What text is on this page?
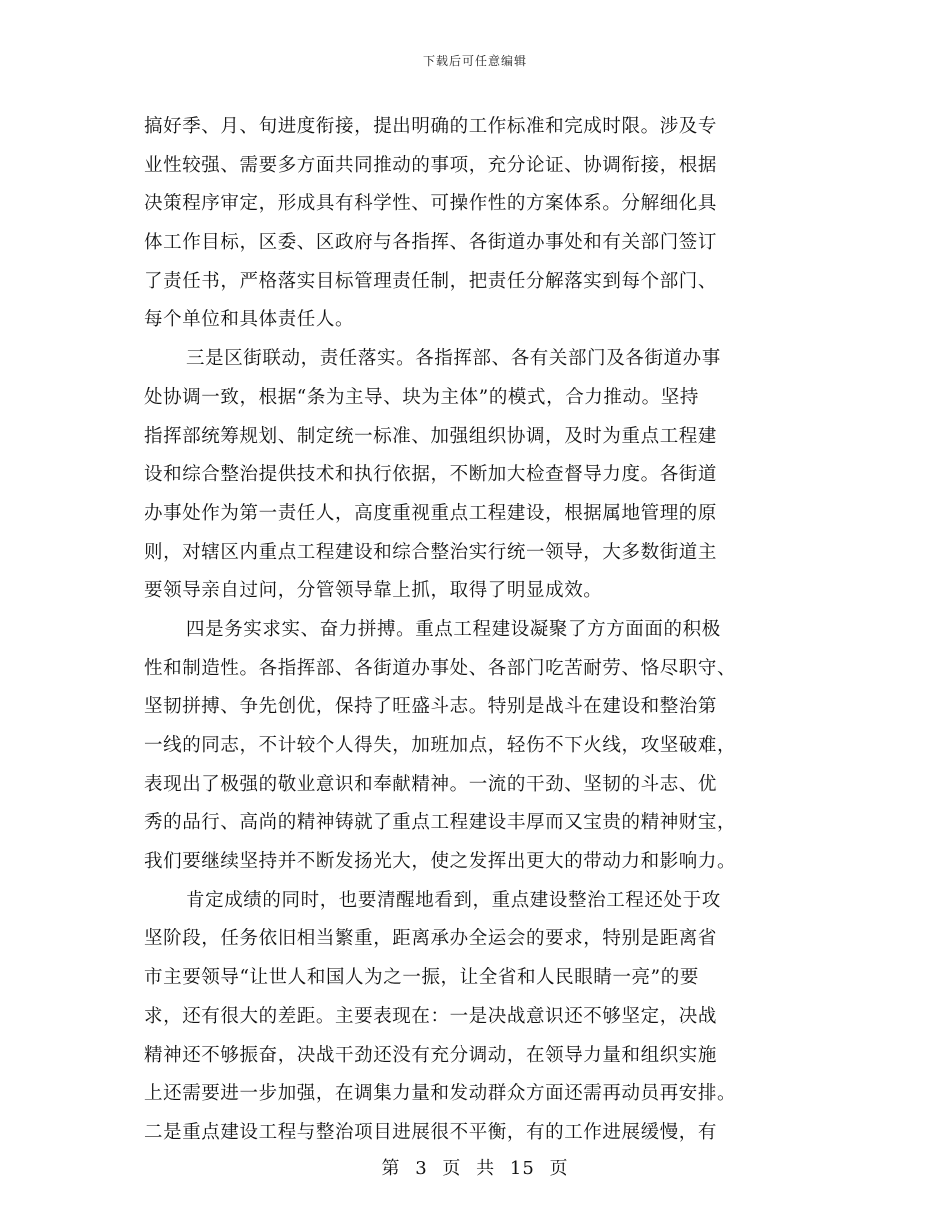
下载后可任意编辑
搞好季、月、旬进度衔接，提出明确的工作标准和完成时限。涉及专
业性较强、需要多方面共同推动的事项，充分论证、协调衔接，根据
决策程序审定，形成具有科学性、可操作性的方案体系。分解细化具
体工作目标，区委、区政府与各指挥、各街道办事处和有关部门签订
了责任书，严格落实目标管理责任制，把责任分解落实到每个部门、
每个单位和具体责任人。
三是区街联动，责任落实。各指挥部、各有关部门及各街道办事
处协调一致，根据“条为主导、块为主体”的模式，合力推动。坚持
指挥部统筹规划、制定统一标准、加强组织协调，及时为重点工程建
设和综合整治提供技术和执行依据，不断加大检查督导力度。各街道
办事处作为第一责任人，高度重视重点工程建设，根据属地管理的原
则，对辖区内重点工程建设和综合整治实行统一领导，大多数街道主
要领导亲自过问，分管领导靠上抓，取得了明显成效。
四是务实求实、奋力拼搏。重点工程建设凝聚了方方面面的积极
性和制造性。各指挥部、各街道办事处、各部门吃苦耐劳、恪尽职守、
坚韧拼搏、争先创优，保持了旺盛斗志。特别是战斗在建设和整治第
一线的同志，不计较个人得失，加班加点，轻伤不下火线，攻坚破难，
表现出了极强的敬业意识和奉献精神。一流的干劲、坚韧的斗志、优
秀的品行、高尚的精神铸就了重点工程建设丰厚而又宝贵的精神财宝，
我们要继续坚持并不断发扬光大，使之发挥出更大的带动力和影响力。
肯定成绩的同时，也要清醒地看到，重点建设整治工程还处于攻
坚阶段，任务依旧相当繁重，距离承办全运会的要求，特别是距离省
市主要领导“让世人和国人为之一振，让全省和人民眼睛一亮”的要
求，还有很大的差距。主要表现在：一是决战意识还不够坚定，决战
精神还不够振奋，决战干劲还没有充分调动，在领导力量和组织实施
上还需要进一步加强，在调集力量和发动群众方面还需再动员再安排。
二是重点建设工程与整治项目进展很不平衡，有的工作进展缓慢，有
第 3 页 共 15 页
